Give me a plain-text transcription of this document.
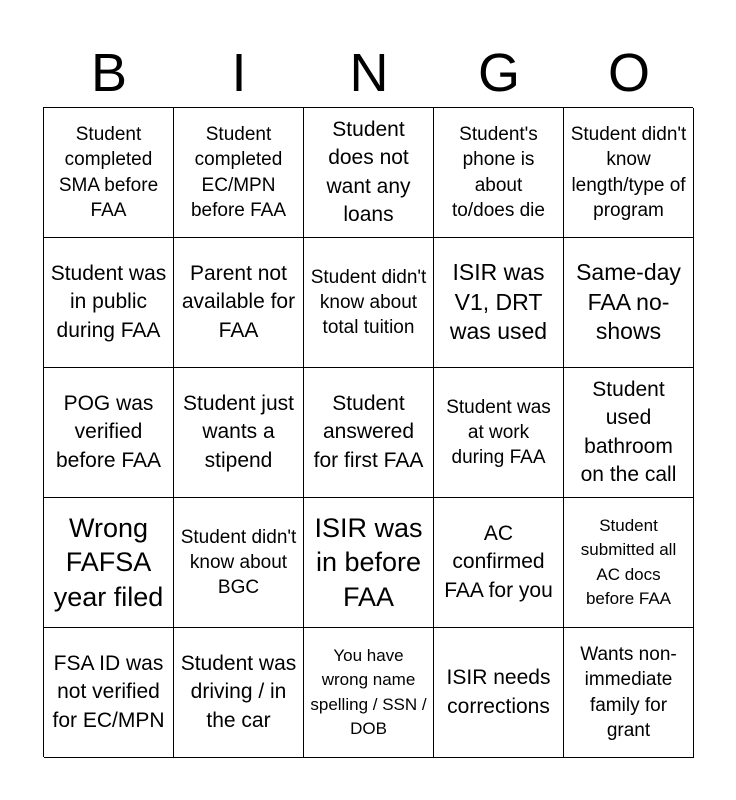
B	I	N	G	O
Student completed SMA before FAA
Student completed EC/MPN before FAA
Student does not want any loans
Student's phone is about to/does die
Student didn't know length/type of program
Student was in public during FAA
Parent not available for FAA
Student didn't know about total tuition
ISIR was V1, DRT was used
Same-day FAA no-shows
POG was verified before FAA
Student just wants a stipend
Student answered for first FAA
Student was at work during FAA
Student used bathroom on the call
Wrong FAFSA year filed
Student didn't know about BGC
ISIR was in before FAA
AC confirmed FAA for you
Student submitted all AC docs before FAA
FSA ID was not verified for EC/MPN
Student was driving / in the car
You have wrong name spelling / SSN / DOB
ISIR needs corrections
Wants non-immediate family for grant
